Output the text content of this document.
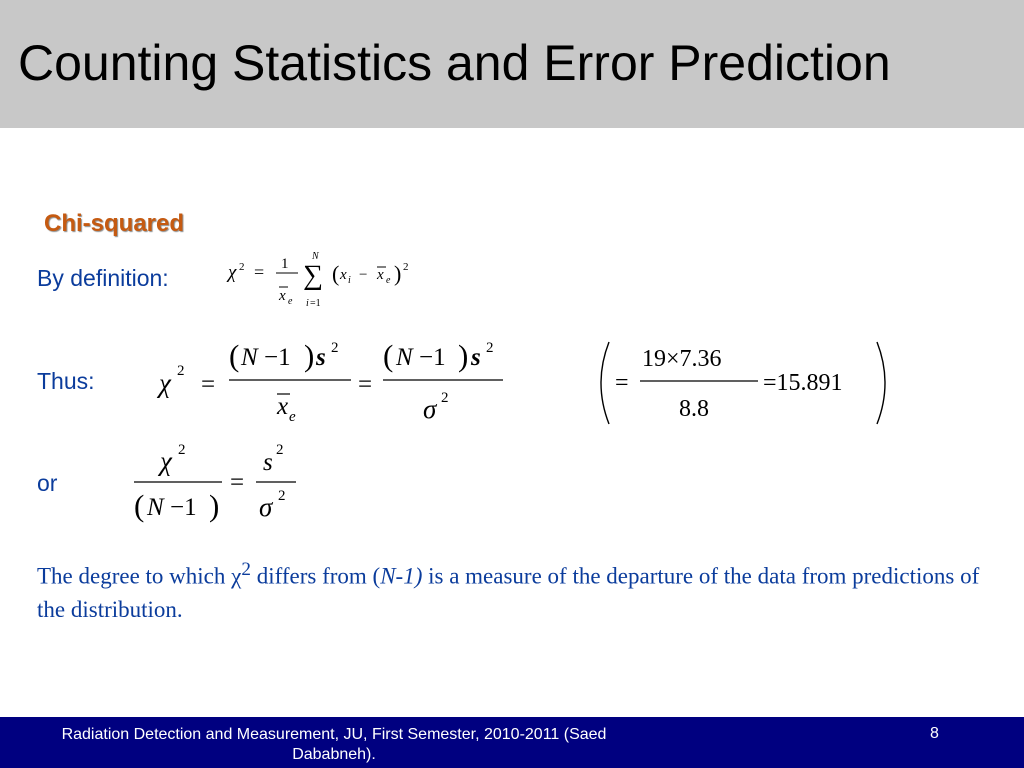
Counting Statistics and Error Prediction
Chi-squared
By definition:	χ 2 = 1
x e
N
∑
i =1
( x i − x e ) 2
Thus: χ 2 =
( N −1 ) s 2
x e
=
( N −1 ) s 2
σ 2
=
19×7.36
8.8
=15.891
or
χ 2
( N −1 )
=
s 2
σ 2
The degree to which $\chi^2$ differs from (N-1) is a measure of the departure of the data from predictions of the distribution.
Radiation Detection and Measurement, JU, First Semester, 2010-2011 (Saed Dababneh).
8
